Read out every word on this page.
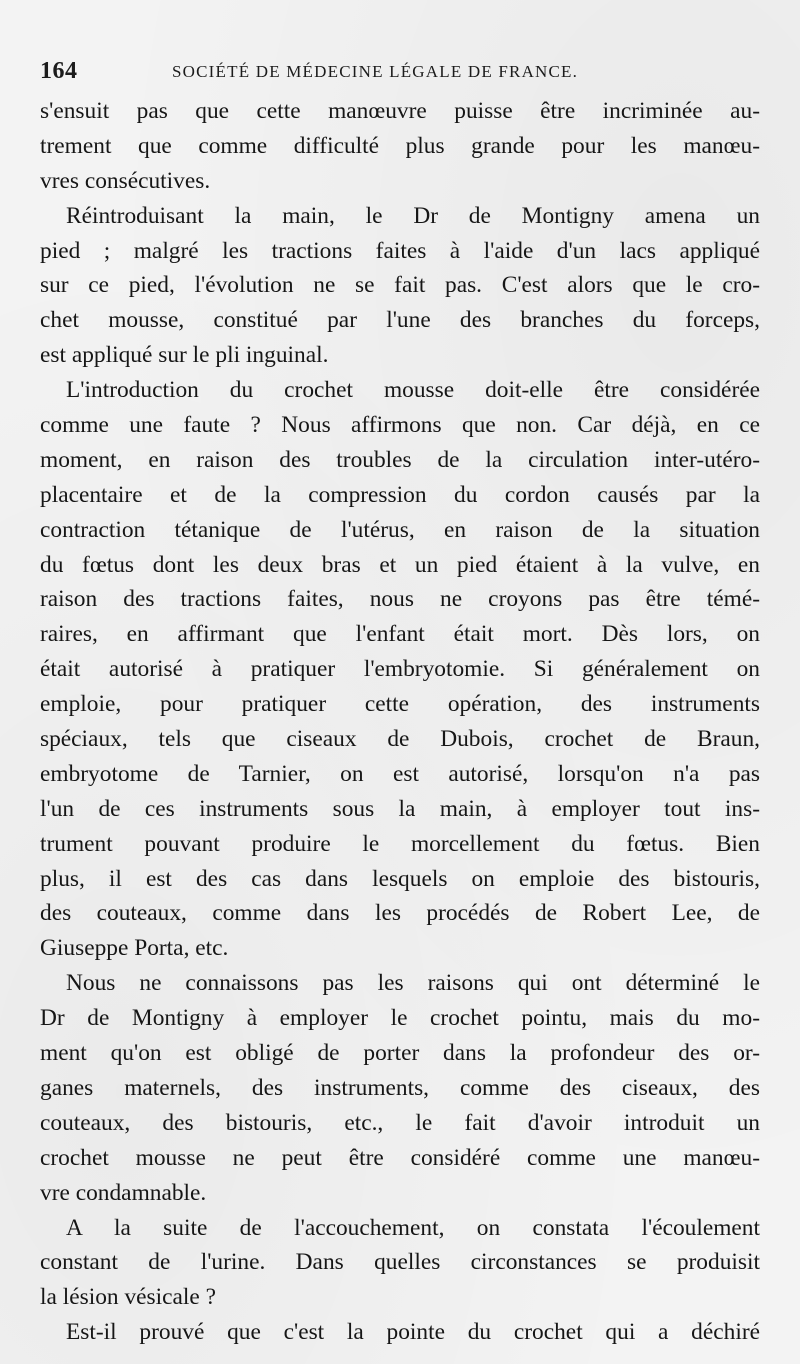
164	SOCIÉTÉ DE MÉDECINE LÉGALE DE FRANCE.
s'ensuit pas que cette manœuvre puisse être incriminée au-
trement que comme difficulté plus grande pour les manœu-
vres consécutives.
Réintroduisant la main, le Dr de Montigny amena un
pied ; malgré les tractions faites à l'aide d'un lacs appliqué
sur ce pied, l'évolution ne se fait pas. C'est alors que le cro-
chet mousse, constitué par l'une des branches du forceps,
est appliqué sur le pli inguinal.
L'introduction du crochet mousse doit-elle être considérée
comme une faute ? Nous affirmons que non. Car déjà, en ce
moment, en raison des troubles de la circulation inter-utéro-
placentaire et de la compression du cordon causés par la
contraction tétanique de l'utérus, en raison de la situation
du fœtus dont les deux bras et un pied étaient à la vulve, en
raison des tractions faites, nous ne croyons pas être témé-
raires, en affirmant que l'enfant était mort. Dès lors, on
était autorisé à pratiquer l'embryotomie. Si généralement on
emploie, pour pratiquer cette opération, des instruments
spéciaux, tels que ciseaux de Dubois, crochet de Braun,
embryotome de Tarnier, on est autorisé, lorsqu'on n'a pas
l'un de ces instruments sous la main, à employer tout ins-
trument pouvant produire le morcellement du fœtus. Bien
plus, il est des cas dans lesquels on emploie des bistouris,
des couteaux, comme dans les procédés de Robert Lee, de
Giuseppe Porta, etc.
Nous ne connaissons pas les raisons qui ont déterminé le
Dr de Montigny à employer le crochet pointu, mais du mo-
ment qu'on est obligé de porter dans la profondeur des or-
ganes maternels, des instruments, comme des ciseaux, des
couteaux, des bistouris, etc., le fait d'avoir introduit un
crochet mousse ne peut être considéré comme une manœu-
vre condamnable.
A la suite de l'accouchement, on constata l'écoulement
constant de l'urine. Dans quelles circonstances se produisit
la lésion vésicale ?
Est-il prouvé que c'est la pointe du crochet qui a déchiré
